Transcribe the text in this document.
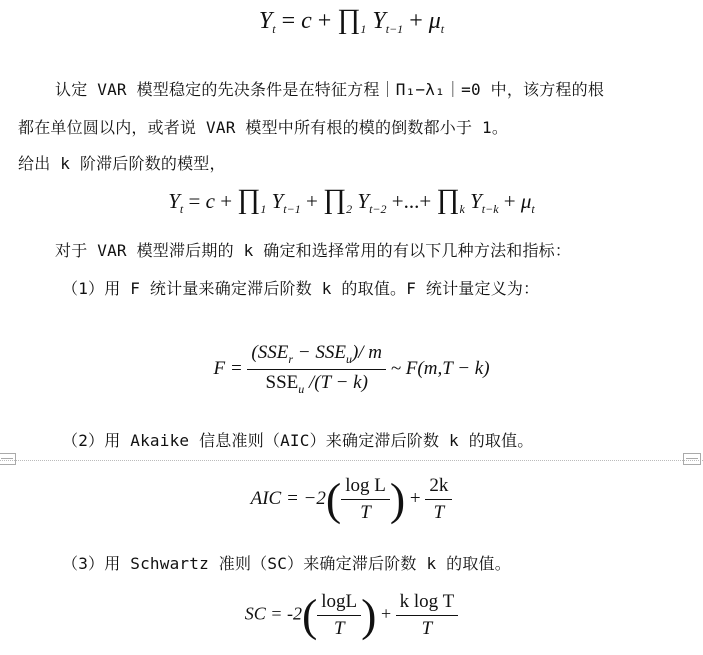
$Y_t = c$ + $\prod_1$ $Y_{t-1} + \mu_t$
认定 VAR 模型稳定的先决条件是在特征方程｜Π₁−λ₁｜=0 中，该方程的根
都在单位圆以内，或者说 VAR 模型中所有根的模的倒数都小于 1。
给出 k 阶滞后阶数的模型，
$Y_t = c$ + $\prod_1$ $Y_{t-1}$ + $\prod_2$ $Y_{t-2}$ +...+ $\prod_k$ $Y_{t-k} + \mu_t$
对于 VAR 模型滞后期的 k 确定和选择常用的有以下几种方法和指标：
（1）用 F 统计量来确定滞后阶数 k 的取值。F 统计量定义为：
$F = \frac{(SSE_r - SSE_u)/ m}{SSE_u /(T - k)}$ ~ F(m,T − k)
（2）用 Akaike 信息准则（AIC）来确定滞后阶数 k 的取值。
AIC = $-2( \frac{\text{log L}}{T}$ ) + $\frac{2k}{T}$
（3）用 Schwartz 准则（SC）来确定滞后阶数 k 的取值。
SC = $-2( \frac{\log L}{T}$ ) + $\frac{\text{k log T}}{T}$
